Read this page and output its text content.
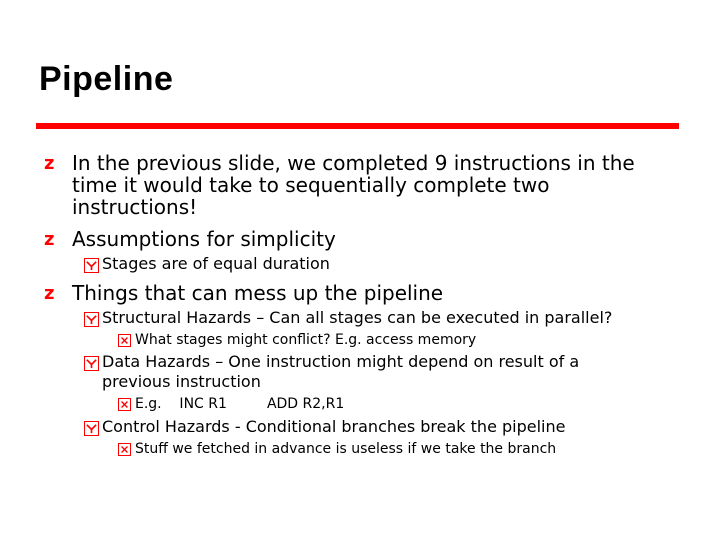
Pipeline
z In the previous slide, we completed 9 instructions in the
time it would take to sequentially complete two
instructions!
z Assumptions for simplicity
Stages are of equal duration
z Things that can mess up the pipeline
Structural Hazards – Can all stages can be executed in parallel?
What stages might conflict? E.g. access memory
Data Hazards – One instruction might depend on result of a
previous instruction
E.g.    INC R1         ADD R2,R1
Control Hazards - Conditional branches break the pipeline
Stuff we fetched in advance is useless if we take the branch
